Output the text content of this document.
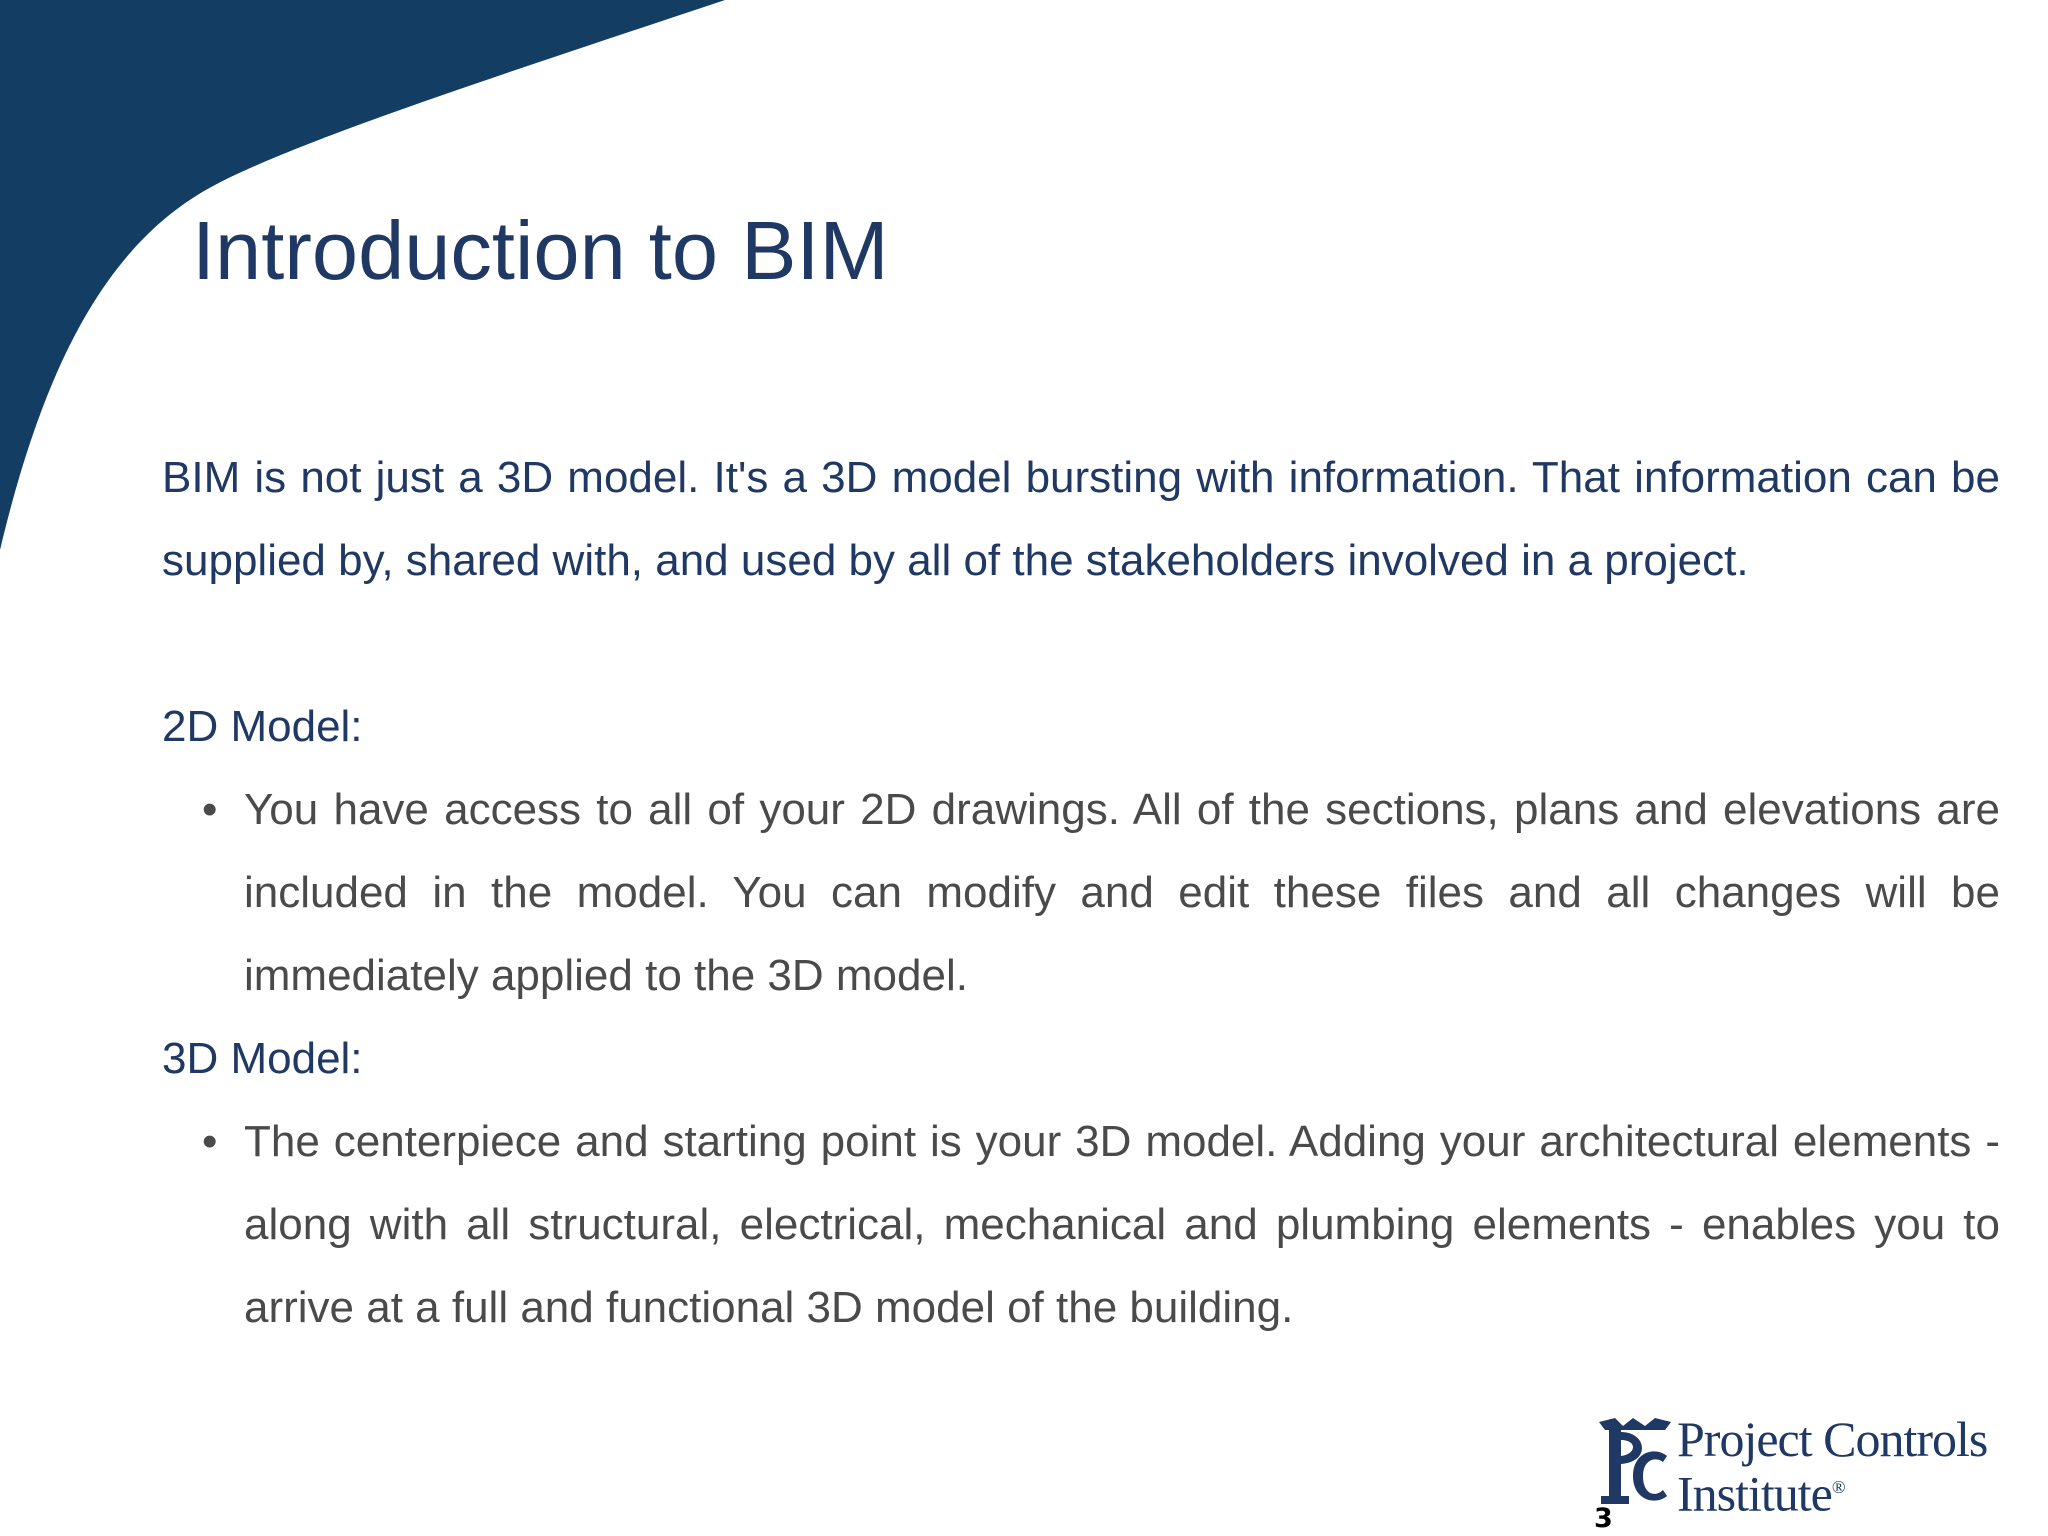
Introduction to BIM

BIM is not just a 3D model. It's a 3D model bursting with information. That information can be supplied by, shared with, and used by all of the stakeholders involved in a project.

2D Model:

• You have access to all of your 2D drawings. All of the sections, plans and elevations are included in the model. You can modify and edit these files and all changes will be immediately applied to the 3D model.

3D Model:

• The centerpiece and starting point is your 3D model. Adding your architectural elements - along with all structural, electrical, mechanical and plumbing elements - enables you to arrive at a full and functional 3D model of the building.
Project Controls
Institute®
3
